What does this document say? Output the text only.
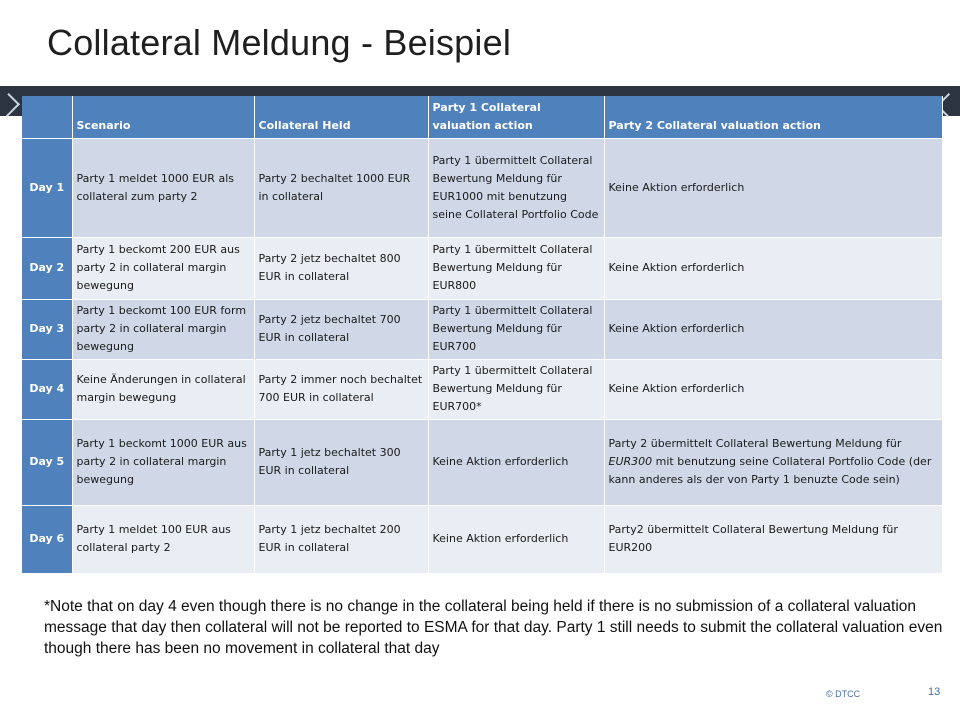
Collateral Meldung - Beispiel
	Scenario	Collateral Held	Party 1 Collateral valuation action	Party 2 Collateral valuation action
Day 1	Party 1 meldet 1000 EUR als collateral zum party 2	Party 2 bechaltet 1000 EUR in collateral	Party 1 übermittelt Collateral Bewertung Meldung für EUR1000 mit benutzung seine Collateral Portfolio Code	Keine Aktion erforderlich
Day 2	Party 1 beckomt 200 EUR aus party 2 in collateral margin bewegung	Party 2 jetz bechaltet 800 EUR in collateral	Party 1 übermittelt Collateral Bewertung Meldung für EUR800	Keine Aktion erforderlich
Day 3	Party 1 beckomt 100 EUR form party 2 in collateral margin bewegung	Party 2 jetz bechaltet 700 EUR in collateral	Party 1 übermittelt Collateral Bewertung Meldung für EUR700	Keine Aktion erforderlich
Day 4	Keine Änderungen in collateral margin bewegung	Party 2 immer noch bechaltet 700 EUR in collateral	Party 1 übermittelt Collateral Bewertung Meldung für EUR700*	Keine Aktion erforderlich
Day 5	Party 1 beckomt 1000 EUR aus party 2 in collateral margin bewegung	Party 1 jetz bechaltet 300 EUR in collateral	Keine Aktion erforderlich	Party 2 übermittelt Collateral Bewertung Meldung für EUR300 mit benutzung seine Collateral Portfolio Code (der kann anderes als der von Party 1 benuzte Code sein)
Day 6	Party 1 meldet 100 EUR aus collateral party 2	Party 1 jetz bechaltet 200 EUR in collateral	Keine Aktion erforderlich	Party2 übermittelt Collateral Bewertung Meldung für EUR200
*Note that on day 4 even though there is no change in the collateral being held if there is no submission of a collateral valuation message that day then collateral will not be reported to ESMA for that day. Party 1 still needs to submit the collateral valuation even though there has been no movement in collateral that day
© DTCC	13
